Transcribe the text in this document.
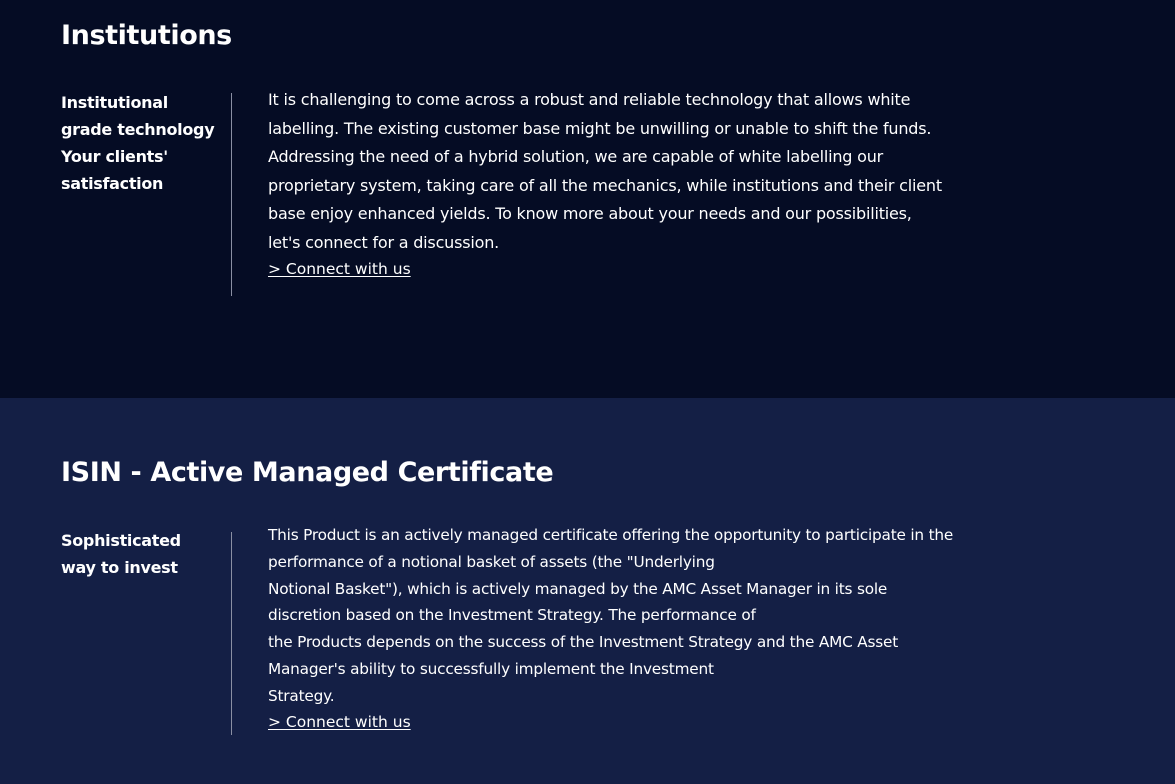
Institutions
Institutional
grade technology
Your clients'
satisfaction
It is challenging to come across a robust and reliable technology that allows white
labelling. The existing customer base might be unwilling or unable to shift the funds.
Addressing the need of a hybrid solution, we are capable of white labelling our
proprietary system, taking care of all the mechanics, while institutions and their client
base enjoy enhanced yields. To know more about your needs and our possibilities,
let's connect for a discussion.
> Connect with us
ISIN - Active Managed Certificate
Sophisticated
way to invest
This Product is an actively managed certificate offering the opportunity to participate in the
performance of a notional basket of assets (the "Underlying
Notional Basket"), which is actively managed by the AMC Asset Manager in its sole
discretion based on the Investment Strategy. The performance of
the Products depends on the success of the Investment Strategy and the AMC Asset
Manager's ability to successfully implement the Investment
Strategy.
> Connect with us
